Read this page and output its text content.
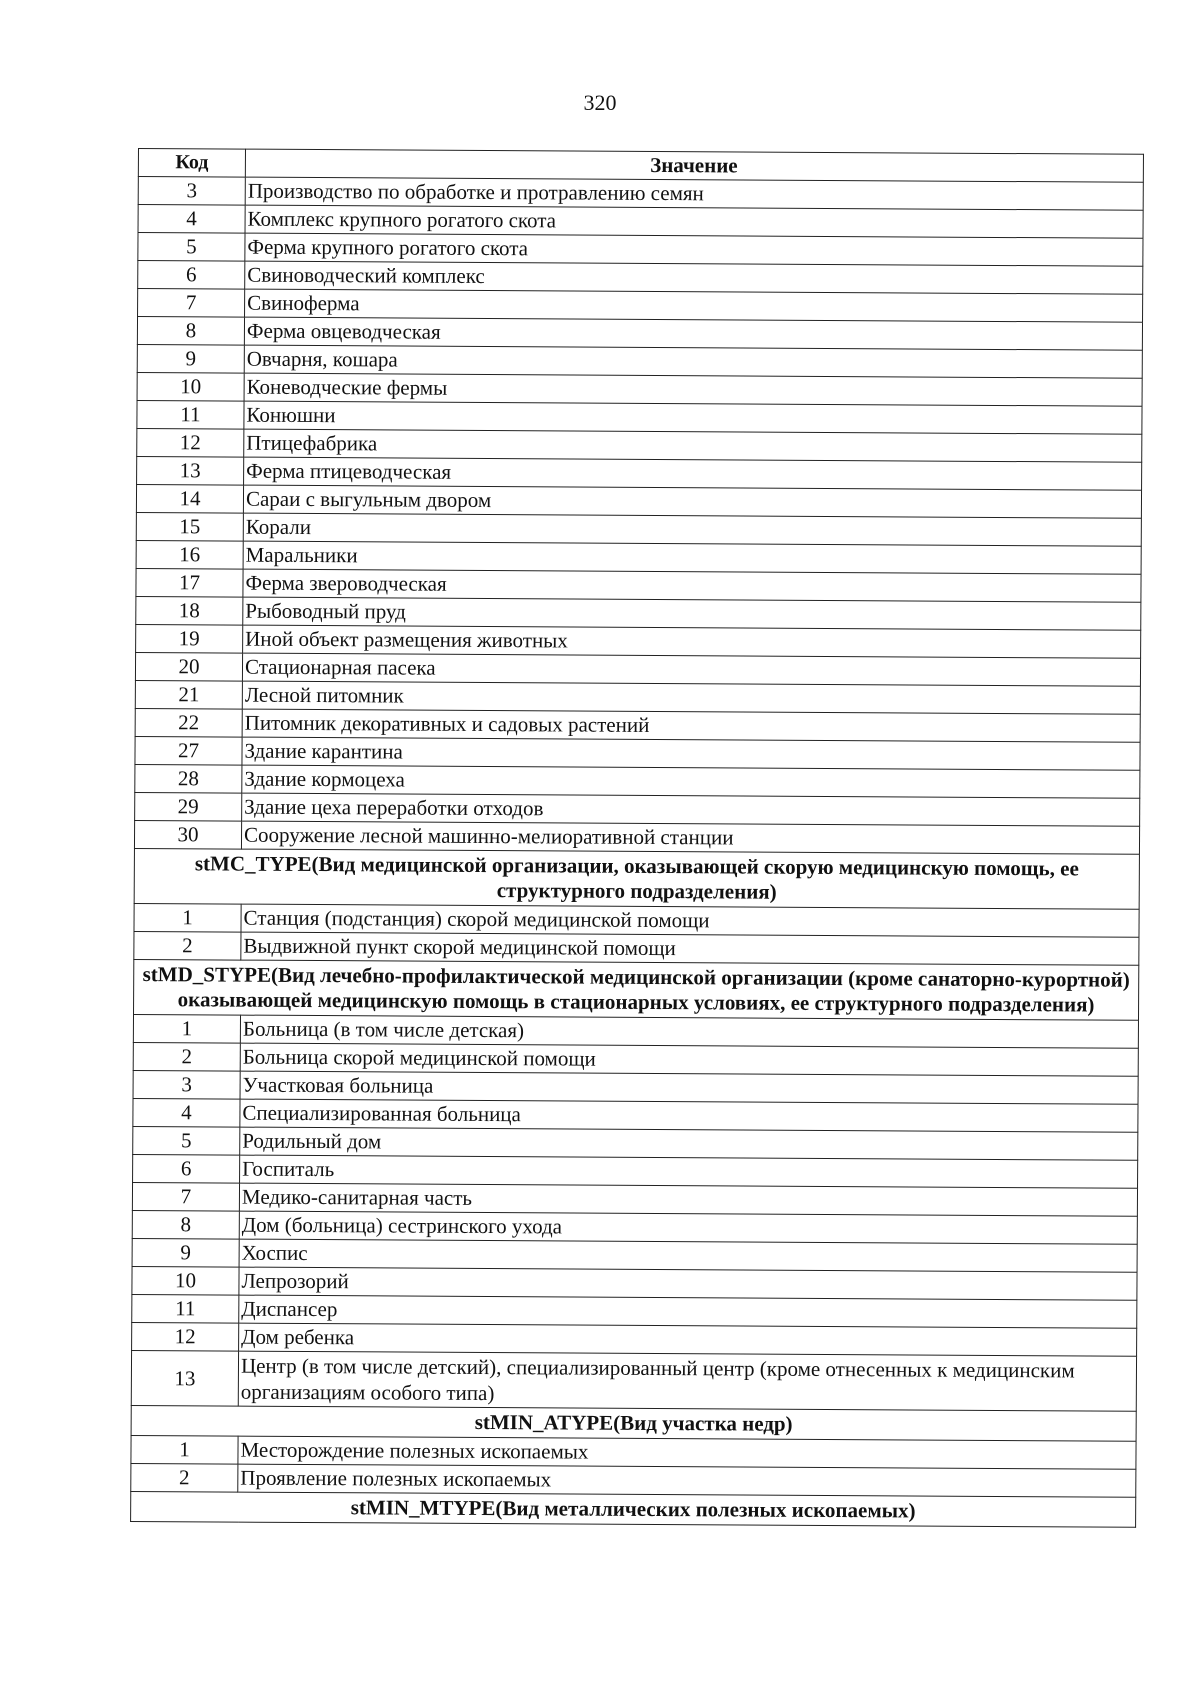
320
Код	Значение
3	Производство по обработке и протравлению семян
4	Комплекс крупного рогатого скота
5	Ферма крупного рогатого скота
6	Свиноводческий комплекс
7	Свиноферма
8	Ферма овцеводческая
9	Овчарня, кошара
10	Коневодческие фермы
11	Конюшни
12	Птицефабрика
13	Ферма птицеводческая
14	Сараи с выгульным двором
15	Корали
16	Маральники
17	Ферма звероводческая
18	Рыбоводный пруд
19	Иной объект размещения животных
20	Стационарная пасека
21	Лесной питомник
22	Питомник декоративных и садовых растений
27	Здание карантина
28	Здание кормоцеха
29	Здание цеха переработки отходов
30	Сооружение лесной машинно-мелиоративной станции
stMC_TYPE(Вид медицинской организации, оказывающей скорую медицинскую помощь, ее структурного подразделения)	
1	Станция (подстанция) скорой медицинской помощи
2	Выдвижной пункт скорой медицинской помощи
stMD_STYPE(Вид лечебно-профилактической медицинской организации (кроме санаторно-курортной) оказывающей медицинскую помощь в стационарных условиях, ее структурного подразделения)	
1	Больница (в том числе детская)
2	Больница скорой медицинской помощи
3	Участковая больница
4	Специализированная больница
5	Родильный дом
6	Госпиталь
7	Медико-санитарная часть
8	Дом (больница) сестринского ухода
9	Хоспис
10	Лепрозорий
11	Диспансер
12	Дом ребенка
13	Центр (в том числе детский), специализированный центр (кроме отнесенных к медицинским организациям особого типа)
stMIN_ATYPE(Вид участка недр)	
1	Месторождение полезных ископаемых
2	Проявление полезных ископаемых
stMIN_MTYPE(Вид металлических полезных ископаемых)	
